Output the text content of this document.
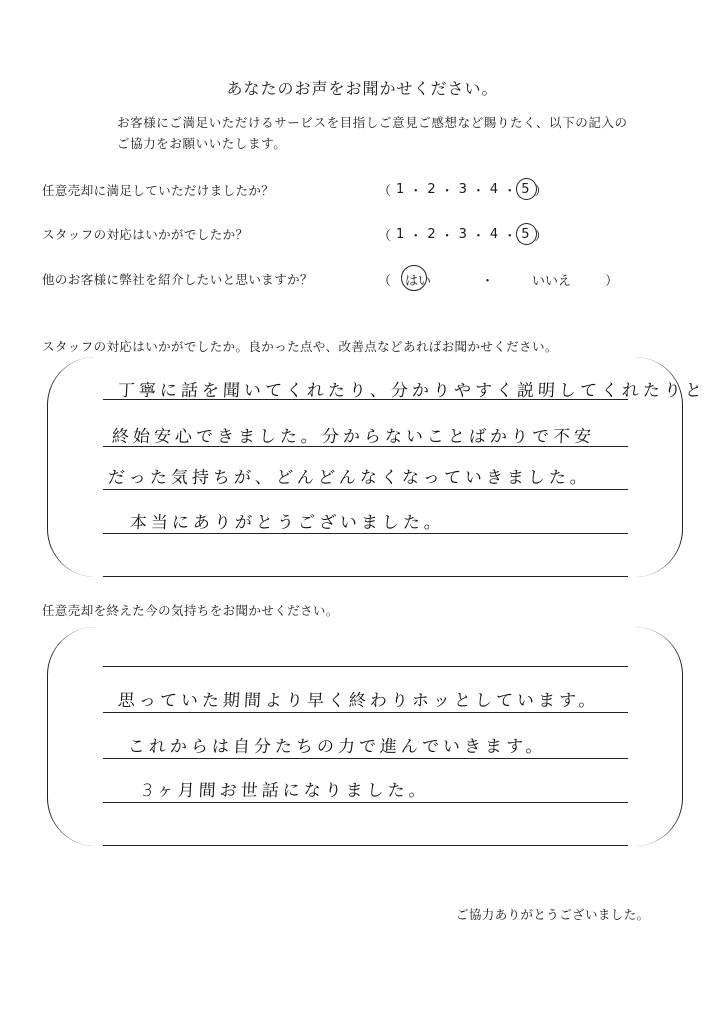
あなたのお声をお聞かせください。
お客様にご満足いただけるサービスを目指しご意見ご感想など賜りたく、以下の記入の
ご協力をお願いいたします。
任意売却に満足していただけましたか？	（ 1 ・ 2 ・ 3 ・ 4 ・ 5 ）
スタッフの対応はいかがでしたか？	（ 1 ・ 2 ・ 3 ・ 4 ・ 5 ）
他のお客様に弊社を紹介したいと思いますか？	（ はい	・	いいえ	）
スタッフの対応はいかがでしたか。良かった点や、改善点などあればお聞かせください。
丁寧に話を聞いてくれたり、分かりやすく説明してくれたりと
終始安心できました。分からないことばかりで不安
だった気持ちが、どんどんなくなっていきました。
本当にありがとうございました。
任意売却を終えた今の気持ちをお聞かせください。
思っていた期間より早く終わりホッとしています。
これからは自分たちの力で進んでいきます。
3ヶ月間お世話になりました。
ご協力ありがとうございました。
